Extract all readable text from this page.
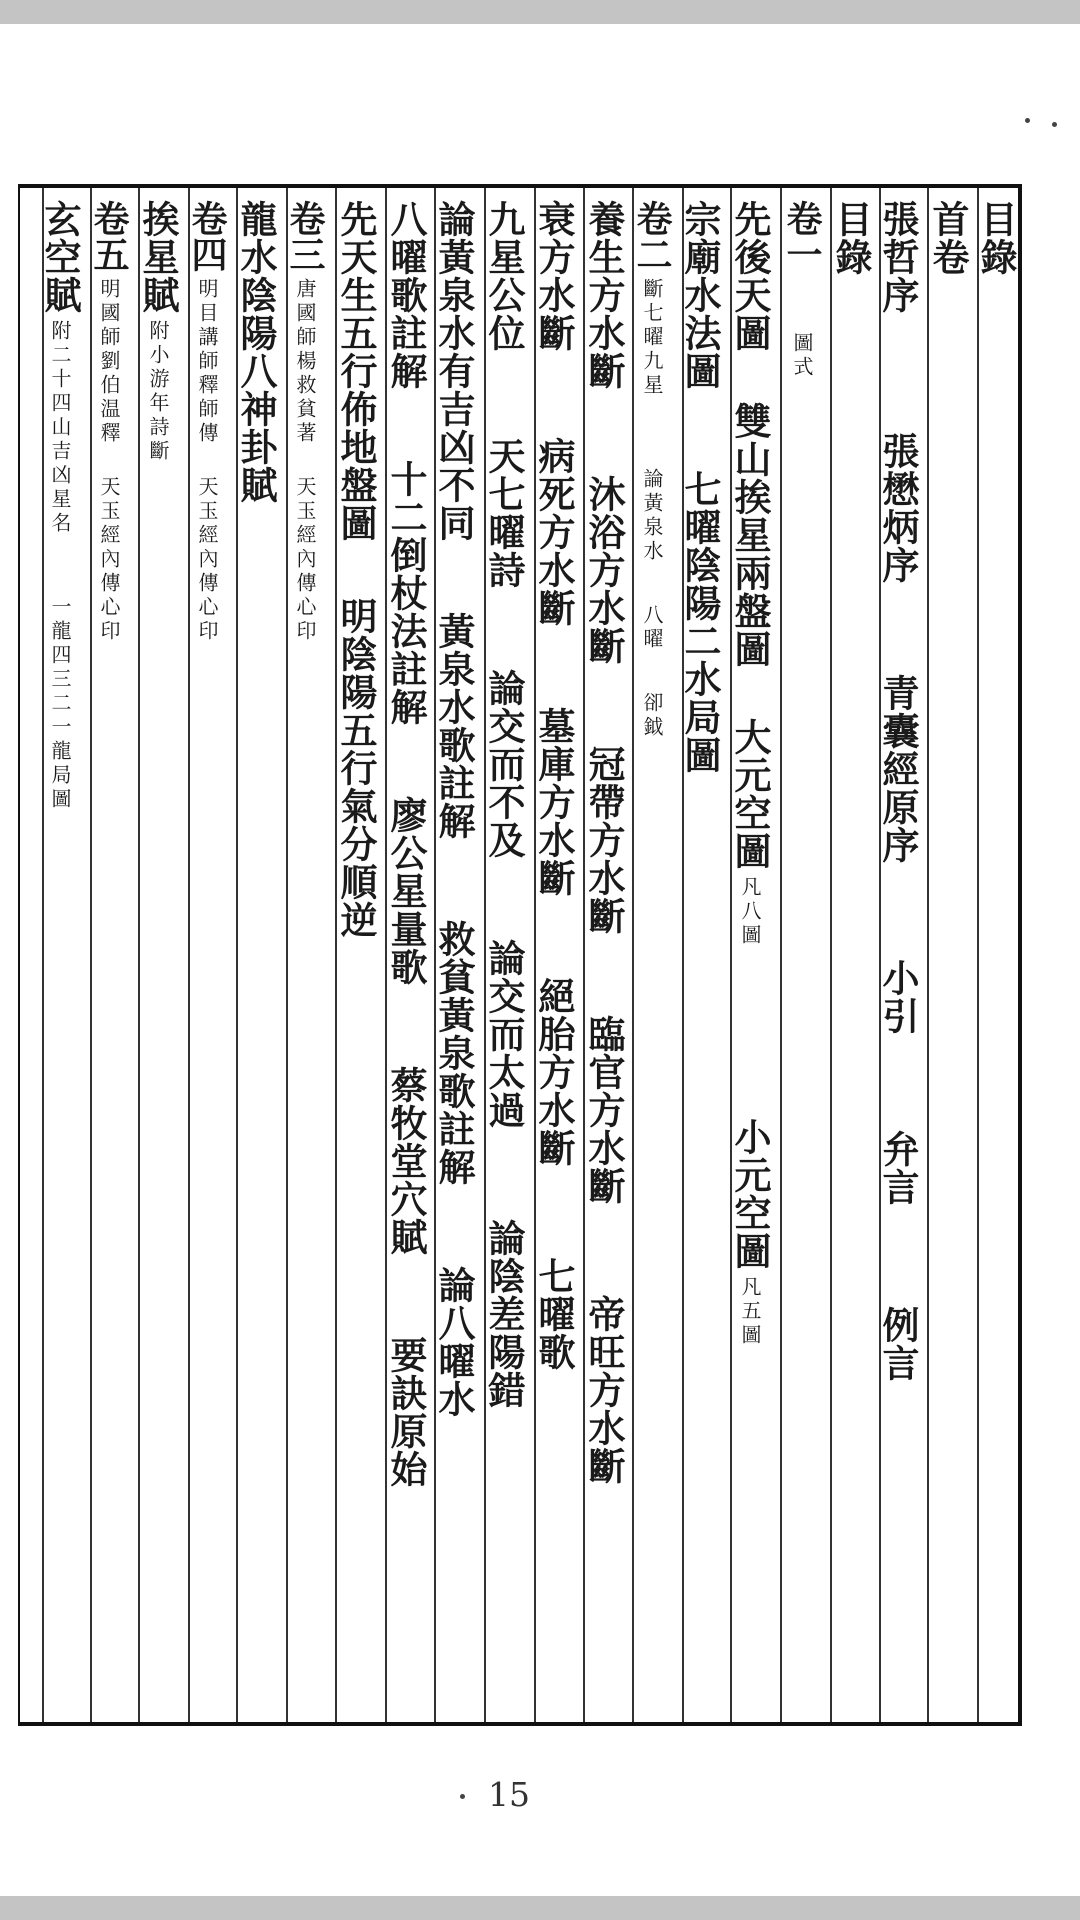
目錄
首卷
張哲序張懋炳序青囊經原序小引弁言例言
目錄
卷一圖式
先後天圖雙山挨星兩盤圖大元空圖凡八圖小元空圖凡五圖
宗廟水法圖七曜陰陽二水局圖
卷二斷七曜九星論黃泉水八曜卻鉞
養生方水斷沐浴方水斷冠帶方水斷臨官方水斷帝旺方水斷
衰方水斷病死方水斷墓庫方水斷絕胎方水斷七曜歌
九星公位天七曜詩論交而不及論交而太過論陰差陽錯
論黃泉水有吉凶不同黃泉水歌註解救貧黃泉歌註解論八曜水
八曜歌註解十二倒杖法註解廖公星量歌蔡牧堂穴賦要訣原始
先天生五行佈地盤圖明陰陽五行氣分順逆
卷三唐國師楊救貧著天玉經內傳心印
龍水陰陽八神卦賦
卷四明目講師釋師傳天玉經內傳心印
挨星賦附小游年詩斷
卷五明國師劉伯温釋天玉經內傳心印
玄空賦附二十四山吉凶星名一龍四三二一龍局圖
15
